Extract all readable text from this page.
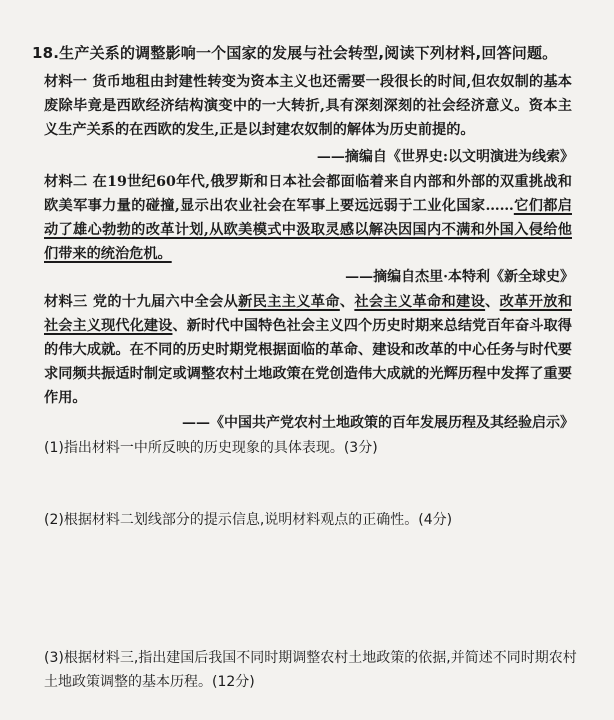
18.生产关系的调整影响一个国家的发展与社会转型,阅读下列材料,回答问题。
材料一 货币地租由封建性转变为资本主义也还需要一段很长的时间,但农奴制的基本废除毕竟是西欧经济结构演变中的一大转折,具有深刻深刻的社会经济意义。资本主义生产关系的在西欧的发生,正是以封建农奴制的解体为历史前提的。
——摘编自《世界史:以文明演进为线索》
材料二 在19世纪60年代,俄罗斯和日本社会都面临着来自内部和外部的双重挑战和欧美军事力量的碰撞,显示出农业社会在军事上要远远弱于工业化国家……它们都启动了雄心勃勃的改革计划,从欧美模式中汲取灵感以解决因国内不满和外国入侵给他们带来的统治危机。
——摘编自杰里·本特利《新全球史》
材料三 党的十九届六中全会从新民主主义革命、社会主义革命和建设、改革开放和社会主义现代化建设、新时代中国特色社会主义四个历史时期来总结党百年奋斗取得的伟大成就。在不同的历史时期党根据面临的革命、建设和改革的中心任务与时代要求同频共振适时制定或调整农村土地政策在党创造伟大成就的光辉历程中发挥了重要作用。
——《中国共产党农村土地政策的百年发展历程及其经验启示》
(1)指出材料一中所反映的历史现象的具体表现。(3分)
(2)根据材料二划线部分的提示信息,说明材料观点的正确性。(4分)
(3)根据材料三,指出建国后我国不同时期调整农村土地政策的依据,并简述不同时期农村土地政策调整的基本历程。(12分)
